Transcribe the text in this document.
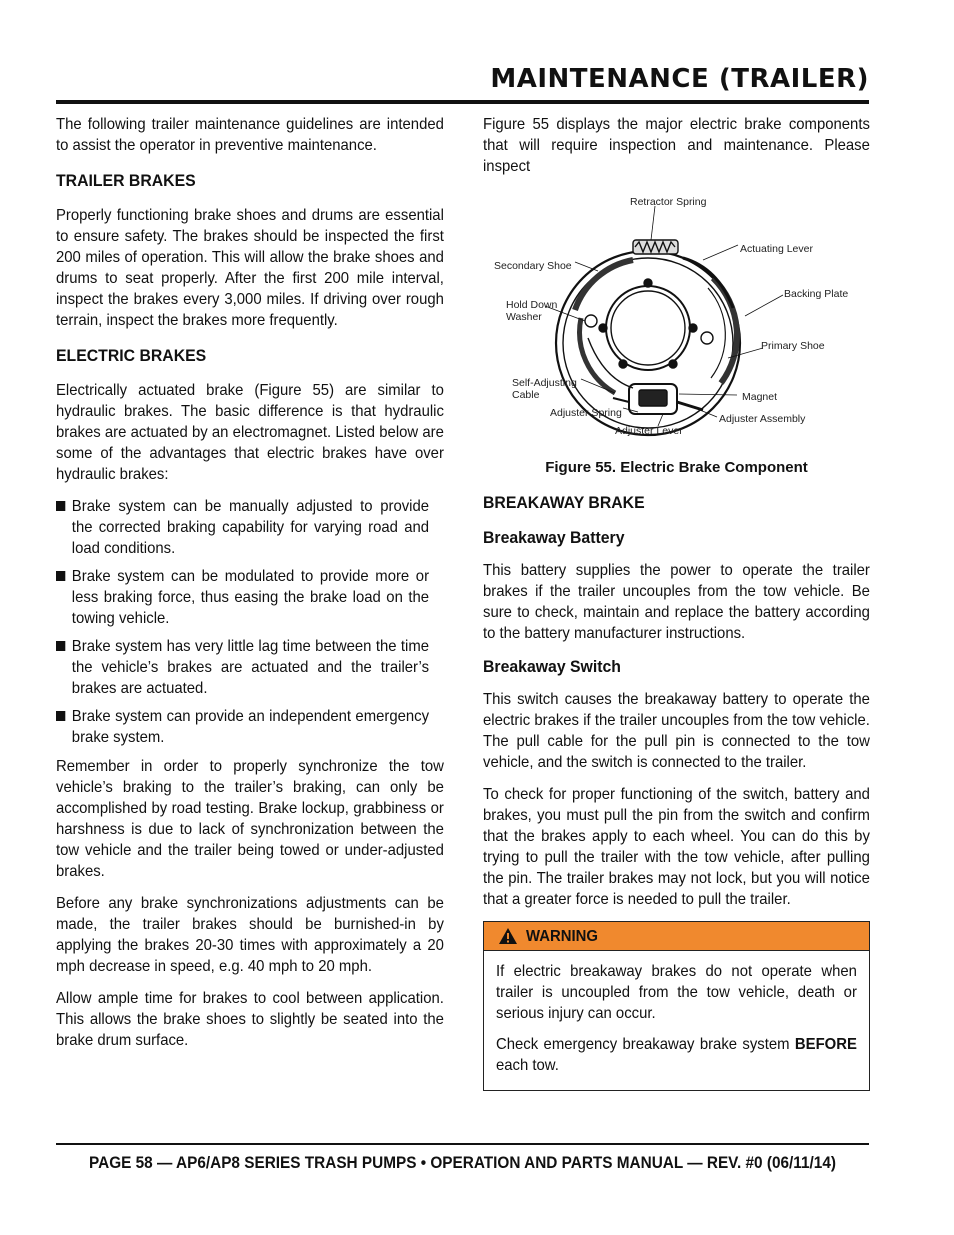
MAINTENANCE (TRAILER)

The following trailer maintenance guidelines are intended to assist the operator in preventive maintenance.

TRAILER BRAKES

Properly functioning brake shoes and drums are essential to ensure safety. The brakes should be inspected the first 200 miles of operation. This will allow the brake shoes and drums to seat properly. After the first 200 mile interval, inspect the brakes every 3,000 miles. If driving over rough terrain, inspect the brakes more frequently.

ELECTRIC BRAKES

Electrically actuated brake (Figure 55) are similar to hydraulic brakes. The basic difference is that hydraulic brakes are actuated by an electromagnet. Listed below are some of the advantages that electric brakes have over hydraulic brakes:

Brake system can be manually adjusted to provide the corrected braking capability for varying road and load conditions.
Brake system can be modulated to provide more or less braking force, thus easing the brake load on the towing vehicle.
Brake system has very little lag time between the time the vehicle’s brakes are actuated and the trailer’s brakes are actuated.
Brake system can provide an independent emergency brake system.

Remember in order to properly synchronize the tow vehicle’s braking to the trailer’s braking, can only be accomplished by road testing. Brake lockup, grabbiness or harshness is due to lack of synchronization between the tow vehicle and the trailer being towed or under-adjusted brakes.

Before any brake synchronizations adjustments can be made, the trailer brakes should be burnished-in by applying the brakes 20-30 times with approximately a 20 mph decrease in speed, e.g. 40 mph to 20 mph.

Allow ample time for brakes to cool between application. This allows the brake shoes to slightly be seated into the brake drum surface.

Figure 55 displays the major electric brake components that will require inspection and maintenance. Please inspect

Retractor Spring
Actuating Lever
Secondary Shoe
Backing Plate
Hold Down
Washer
Primary Shoe
Self-Adjusting
Cable	Magnet
Adjuster Spring	Adjuster Assembly
Adjuster Lever
Figure 55. Electric Brake Component
BREAKAWAY BRAKE
Breakaway Battery

This battery supplies the power to operate the trailer brakes if the trailer uncouples from the tow vehicle. Be sure to check, maintain and replace the battery according to the battery manufacturer instructions.

Breakaway Switch

This switch causes the breakaway battery to operate the electric brakes if the trailer uncouples from the tow vehicle. The pull cable for the pull pin is connected to the tow vehicle, and the switch is connected to the trailer.

To check for proper functioning of the switch, battery and brakes, you must pull the pin from the switch and confirm that the brakes apply to each wheel. You can do this by trying to pull the trailer with the tow vehicle, after pulling the pin. The trailer brakes may not lock, but you will notice that a greater force is needed to pull the trailer.

WARNING

If electric breakaway brakes do not operate when trailer is uncoupled from the tow vehicle, death or serious injury can occur.

Check emergency breakaway brake system BEFORE each tow.

PAGE 58 — AP6/AP8 SERIES TRASH PUMPS • OPERATION AND PARTS MANUAL — REV. #0 (06/11/14)
